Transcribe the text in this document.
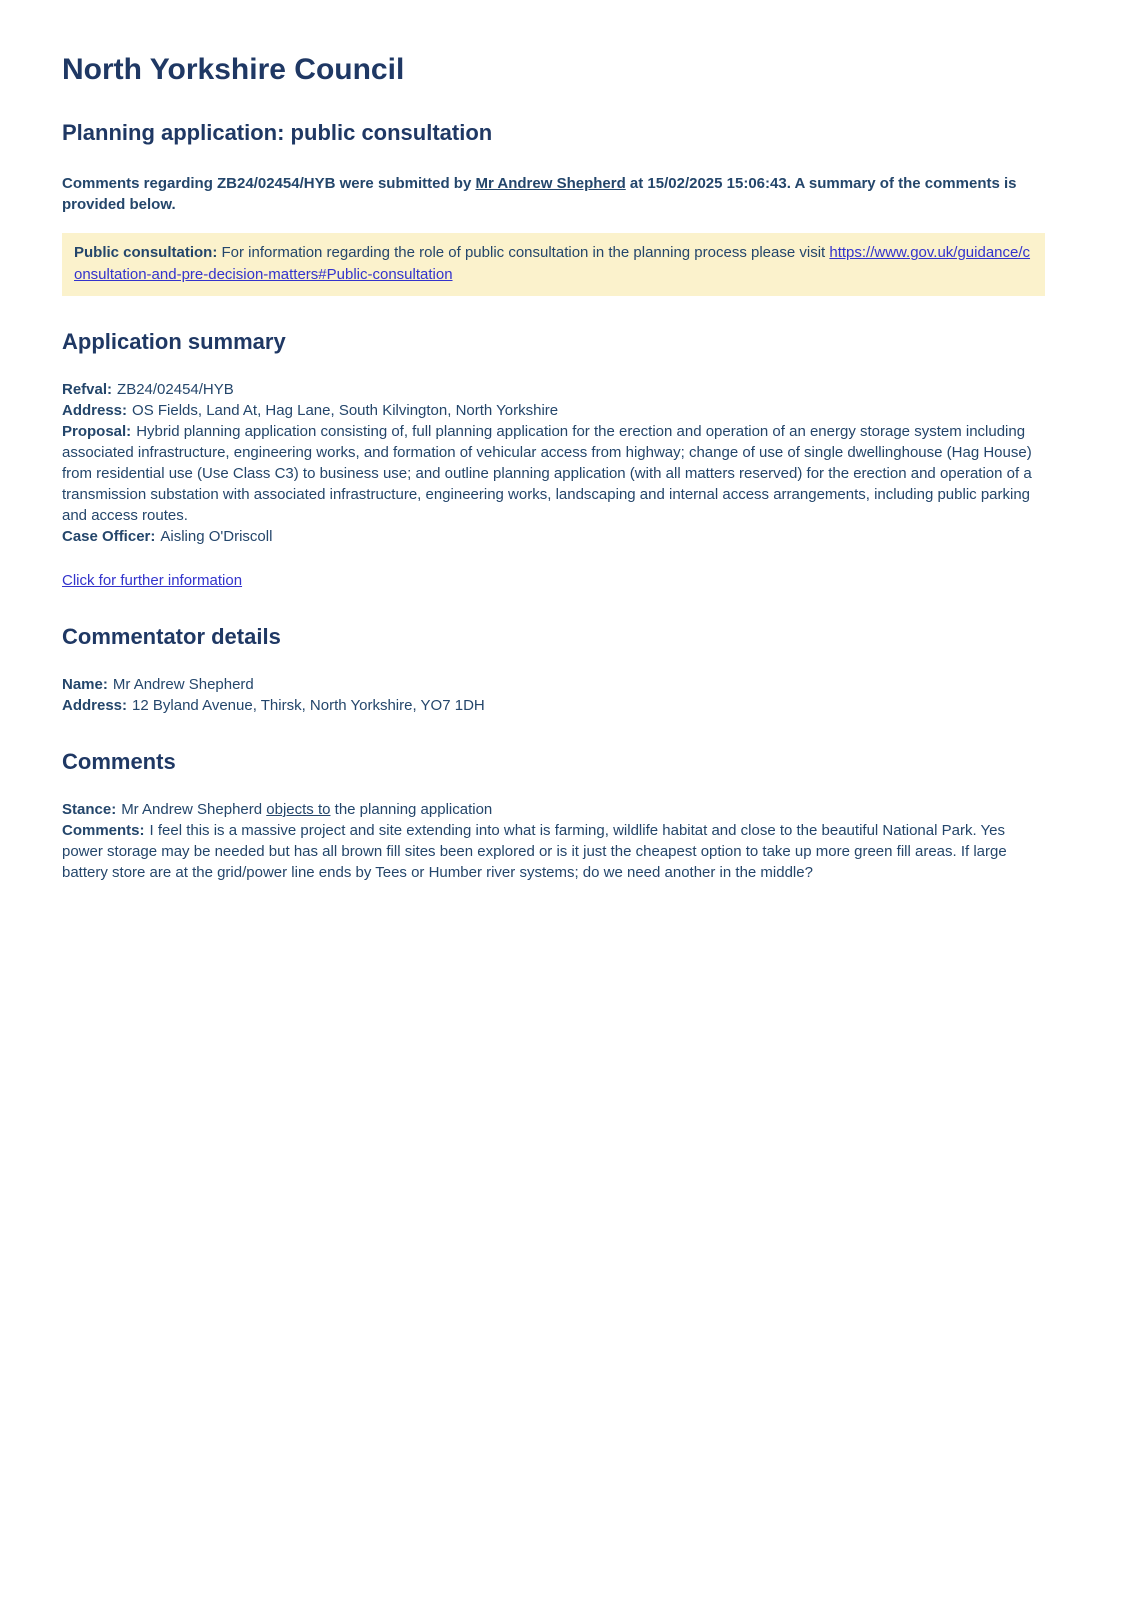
North Yorkshire Council
Planning application: public consultation

Comments regarding ZB24/02454/HYB were submitted by Mr Andrew Shepherd at 15/02/2025 15:06:43. A summary of the comments is provided below.

Public consultation: For information regarding the role of public consultation in the planning process please visit https://www.gov.uk/guidance/consultation-and-pre-decision-matters#Public-consultation
Application summary
Refval: ZB24/02454/HYB
Address: OS Fields, Land At, Hag Lane, South Kilvington, North Yorkshire
Proposal: Hybrid planning application consisting of, full planning application for the erection and operation of an energy storage system including associated infrastructure, engineering works, and formation of vehicular access from highway; change of use of single dwellinghouse (Hag House) from residential use (Use Class C3) to business use; and outline planning application (with all matters reserved) for the erection and operation of a transmission substation with associated infrastructure, engineering works, landscaping and internal access arrangements, including public parking and access routes.
Case Officer: Aisling O'Driscoll
Click for further information
Commentator details
Name: Mr Andrew Shepherd
Address: 12 Byland Avenue, Thirsk, North Yorkshire, YO7 1DH
Comments
Stance: Mr Andrew Shepherd objects to the planning application
Comments: I feel this is a massive project and site extending into what is farming, wildlife habitat and close to the beautiful National Park. Yes power storage may be needed but has all brown fill sites been explored or is it just the cheapest option to take up more green fill areas. If large battery store are at the grid/power line ends by Tees or Humber river systems; do we need another in the middle?
